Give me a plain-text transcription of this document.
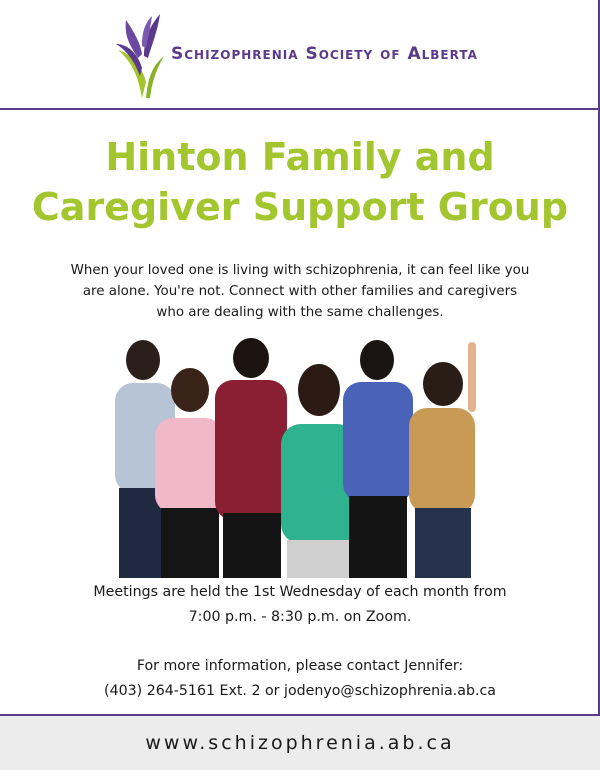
Schizophrenia Society of Alberta
Hinton Family and
Caregiver Support Group
When your loved one is living with schizophrenia, it can feel like you
are alone. You're not. Connect with other families and caregivers
who are dealing with the same challenges.
Meetings are held the 1st Wednesday of each month from
7:00 p.m. - 8:30 p.m. on Zoom.
For more information, please contact Jennifer:
(403) 264-5161 Ext. 2 or jodenyo@schizophrenia.ab.ca
www.schizophrenia.ab.ca
